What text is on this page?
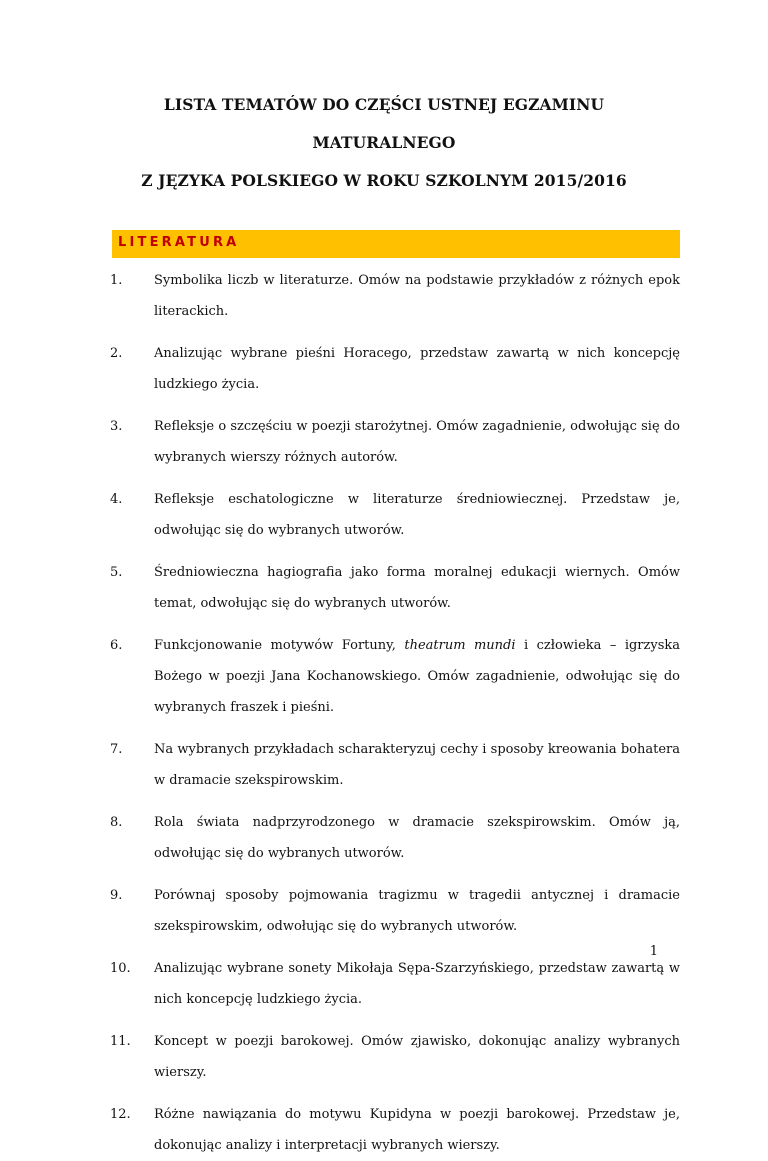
LISTA TEMATÓW DO CZĘŚCI USTNEJ EGZAMINU

MATURALNEGO

Z JĘZYKA POLSKIEGO W ROKU SZKOLNYM 2015/2016

LITERATURA
1.	Symbolika liczb w literaturze. Omów na podstawie przykładów z różnych epok literackich.
2.	Analizując wybrane pieśni Horacego, przedstaw zawartą w nich koncepcję ludzkiego życia.
3.	Refleksje o szczęściu w poezji starożytnej. Omów zagadnienie, odwołując się do wybranych wierszy różnych autorów.
4.	Refleksje eschatologiczne w literaturze średniowiecznej. Przedstaw je, odwołując się do wybranych utworów.
5.	Średniowieczna hagiografia jako forma moralnej edukacji wiernych. Omów temat, odwołując się do wybranych utworów.
6.	Funkcjonowanie motywów Fortuny, theatrum mundi i człowieka – igrzyska Bożego w poezji Jana Kochanowskiego. Omów zagadnienie, odwołując się do wybranych fraszek i pieśni.
7.	Na wybranych przykładach scharakteryzuj cechy i sposoby kreowania bohatera w dramacie szekspirowskim.
8.	Rola świata nadprzyrodzonego w dramacie szekspirowskim. Omów ją, odwołując się do wybranych utworów.
9.	Porównaj sposoby pojmowania tragizmu w tragedii antycznej i dramacie szekspirowskim, odwołując się do wybranych utworów.
10.	Analizując wybrane sonety Mikołaja Sępa-Szarzyńskiego, przedstaw zawartą w nich koncepcję ludzkiego życia.
11.	Koncept w poezji barokowej. Omów zjawisko, dokonując analizy wybranych wierszy.
12.	Różne nawiązania do motywu Kupidyna w poezji barokowej. Przedstaw je, dokonując analizy i interpretacji wybranych wierszy.
1
